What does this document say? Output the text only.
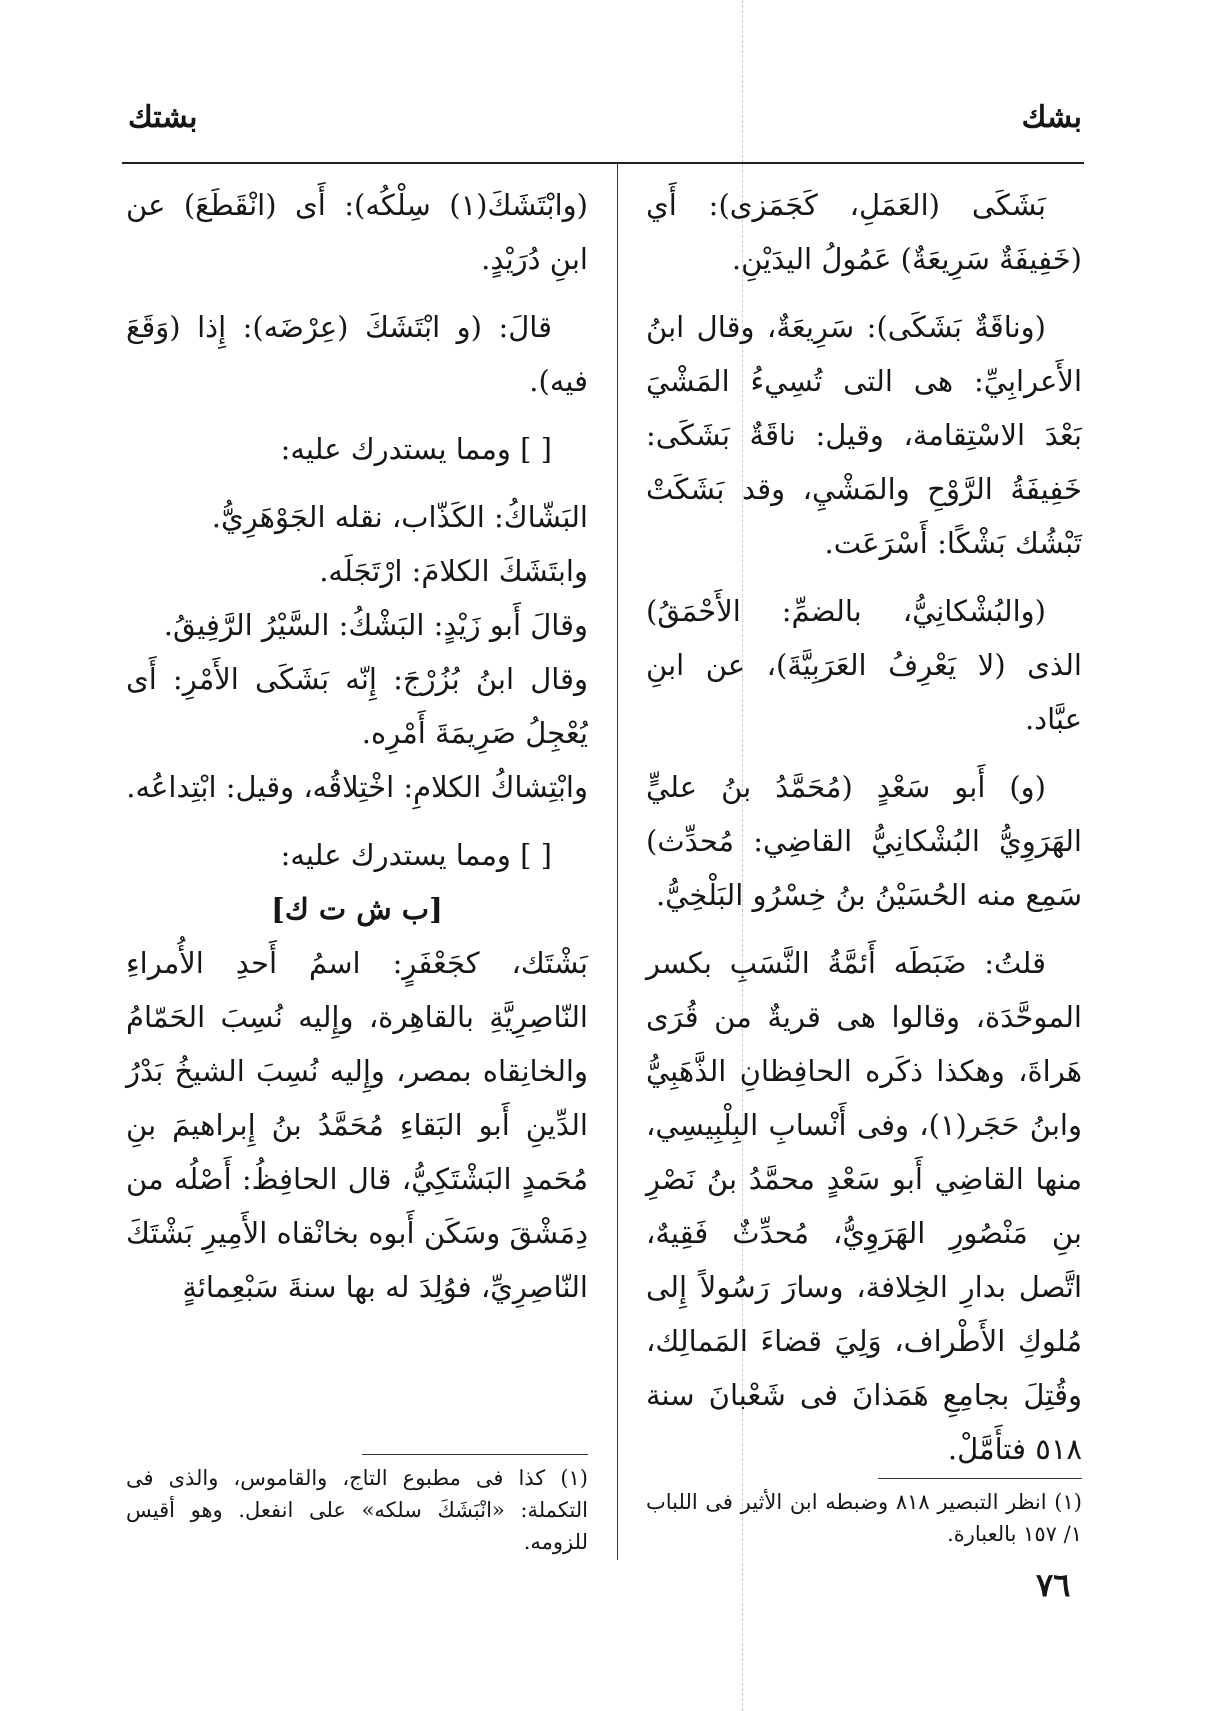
بشك
بشتك

بَشَكَى (العَمَلِ، كَجَمَزى): أَي (خَفِيفَةٌ سَرِيعَةٌ) عَمُولُ اليدَيْنِ.

(وناقَةٌ بَشَكَى): سَرِيعَةٌ، وقال ابنُ الأَعرابِيِّ: هى التى تُسِيءُ المَشْيَ بَعْدَ الاسْتِقامة، وقيل: ناقَةٌ بَشَكَى: خَفِيفَةُ الرَّوْحِ والمَشْيِ، وقد بَشَكَتْ تَبْشُك بَشْكًا: أَسْرَعَت.

(والبُشْكانِيُّ، بالضمِّ: الأَحْمَقُ) الذى (لا يَعْرِفُ العَرَبِيَّةَ)، عن ابنِ عبَّاد.

(و) أَبو سَعْدٍ (مُحَمَّدُ بنُ عليٍّ الهَرَوِيُّ البُشْكانِيُّ القاضِي: مُحدِّث) سَمِع منه الحُسَيْنُ بنُ خِسْرُو البَلْخِيُّ.

قلتُ: ضَبَطَه أَئمَّةُ النَّسَبِ بكسر الموحَّدَة، وقالوا هى قريةٌ من قُرَى هَراةَ، وهكذا ذكَره الحافِظانِ الذَّهَبِيُّ وابنُ حَجَر(١)، وفى أَنْسابِ البِلْبِيسِي، منها القاضِي أَبو سَعْدٍ محمَّدُ بنُ نَصْرِ بنِ مَنْصُورِ الهَرَوِيُّ، مُحدِّثٌ فَقِيهٌ، اتَّصل بدارِ الخِلافة، وسارَ رَسُولاً إِلى مُلوكِ الأَطْراف، وَلِيَ قضاءَ المَمالِك، وقُتِلَ بجامِعِ هَمَذانَ فى شَعْبانَ سنة ٥١٨ فتأَمَّلْ.

(وابْتَشَكَ(١) سِلْكُه): أَى (انْقَطَعَ) عن ابنِ دُرَيْدٍ.

قالَ: (و ابْتَشَكَ (عِرْضَه): إِذا (وَقَعَ فيه).

[ ] ومما يستدرك عليه:

البَشّاكُ: الكَذّاب، نقله الجَوْهَرِيُّ.

وابتَشَكَ الكلامَ: ارْتَجَلَه.

وقالَ أَبو زَيْدٍ: البَشْكُ: السَّيْرُ الرَّفِيقُ.

وقال ابنُ بُزُرْجَ: إِنّه بَشَكَى الأَمْرِ: أَى يُعْجِلُ صَرِيمَةَ أَمْرِه.

وابْتِشاكُ الكلامِ: اخْتِلاقُه، وقيل: ابْتِداعُه.

[ ] ومما يستدرك عليه:

[ب ش ت ك]

بَشْتَك، كجَعْفَرٍ: اسمُ أَحدِ الأُمراءِ النّاصِرِيَّةِ بالقاهِرة، وإِليه نُسِبَ الحَمّامُ والخانِقاه بمصر، وإِليه نُسِبَ الشيخُ بَدْرُ الدِّينِ أَبو البَقاءِ مُحَمَّدُ بنُ إِبراهيمَ بنِ مُحَمدٍ البَشْتَكِيُّ، قال الحافِظُ: أَصْلُه من دِمَشْقَ وسَكَن أَبوه بخانْقاه الأَمِيرِ بَشْتَكَ النّاصِرِيِّ، فوُلِدَ له بها سنةَ سَبْعِمائةٍ

(١) انظر التبصير ٨١٨ وضبطه ابن الأثير فى اللباب ١/ ١٥٧ بالعبارة.
(١) كذا فى مطبوع التاج، والقاموس، والذى فى التكملة: «انْبَشَكَ سلكه» على انفعل. وهو أقيس للزومه.
٧٦
